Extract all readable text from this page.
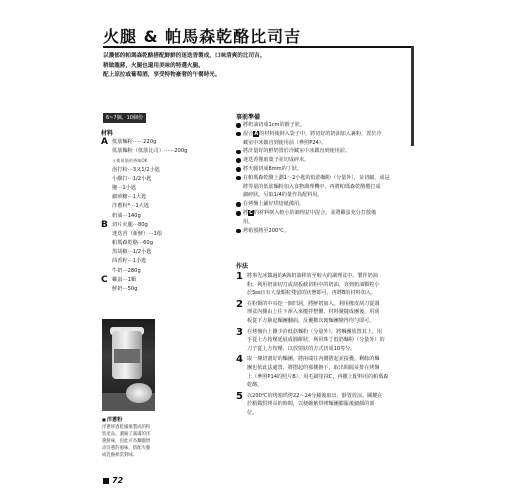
火腿 & 帕馬森乾酪比司吉
以濃郁的帕瑪森乾酪搭配鮮鮮的迷迭香製成，口味清爽的比司吉。
稍做龍蔣，火腿也還用美味的特選火腿。
配上涼拉或葡萄酒，享受特物豪奢的午餐時光。
6~7個、10個份
材料
A 低筋麵粉⋯⋯220g
低筋麵粉（低筋比司）⋯⋯200g
＊使低筋的香味OK
泡打粉⋯3又1/2小匙
小蘇打⋯1/2小匙
鹽⋯1小匙
細砂糖⋯1大匙
洋蔥粉*⋯1大匙
奶油⋯140g
B 切片火腿⋯80g
迷迭香（新鮮）⋯1根
帕瑪森乾酪⋯60g
黑胡椒⋯1/2小匙
茴香籽⋯1小匙
牛奶⋯280g
C 雞蛋⋯1顆
鮮奶⋯50g
事前準備
將奶油切成1cm的骰子狀。
混合A的材料後倒入袋子中，將切好的奶油加入裹粉，置於冷
藏室中冰鎮直到使用前（參照P24）。
將計量好的鮮奶置於冷藏室中冰鎮直到使用前。
迷迭香僅取葉子並切成碎末。
將火腿切成8mm的丁狀。
在帕瑪森乾酪上劃1～2小匙的低筋麵粉（分量外），並切細，成是
將等量的低筋麵粉加入食物調理機中，再將帕瑪森乾酪攪打成
細碎狀。另取1/4的量作為配料用。
在烤盤上鋪好烘焙紙備用。
將C的材料倒入較小的調理盆中混合，並將雞蛋充分打散備
用。
烤箱預熱至200℃。
作法
1 將事先冰鎮過的A與奶油移放至較大的調理盆中。製作奶油
粉。利用奶油切刀或刮板截切粉中的奶油，直到奶油顆粒小
於5㎜且有大量顆粒殘留的狀態即可，再將B的材料加入。
2 在粉類的中央挖一個凹洞，將鮮奶加入。利用橡皮刮刀從調
理盆內側由上往下渾入來攪拌整體。材料聚攏成團後，用刮
板從下方鏟起麵團翻面，反覆數次後麵團變得均勻即可。
3 在烤盤台上撒少許低筋麵粉（分量外），將麵團放置其上。用
手從上方按壓延展成圓餅狀，利用珠丁低筋麵粉（分量外）的
刀子從上方按壓，以放射狀的方式切成10等分。
4 取一塊切割好的麵團，將兩端往內側摺起並接疊。剩餘的麵
團也依此法處置，將摺起的那側朝下，取出間隔並排在烤盤
上（參照P14的照片B），用毛刷塗抹C，再撒上配料用的帕瑪森
乾酪。
5 以200℃的烤箱烘烤22～24分鐘後取出，靜置放涼。關鍵在
於稍做烘烤長的時間，以便縮紫烘烤麵團膨脹後細顏的部
位。
■ 洋蔥粉
洋蔥經過乾燥後製成的粉
狀產品。濃縮了滿滿的洋
蔥鮮味，因此可為麵團增
添洋蔥的風味，搭配火腿
或乳酪相當對味。
72
